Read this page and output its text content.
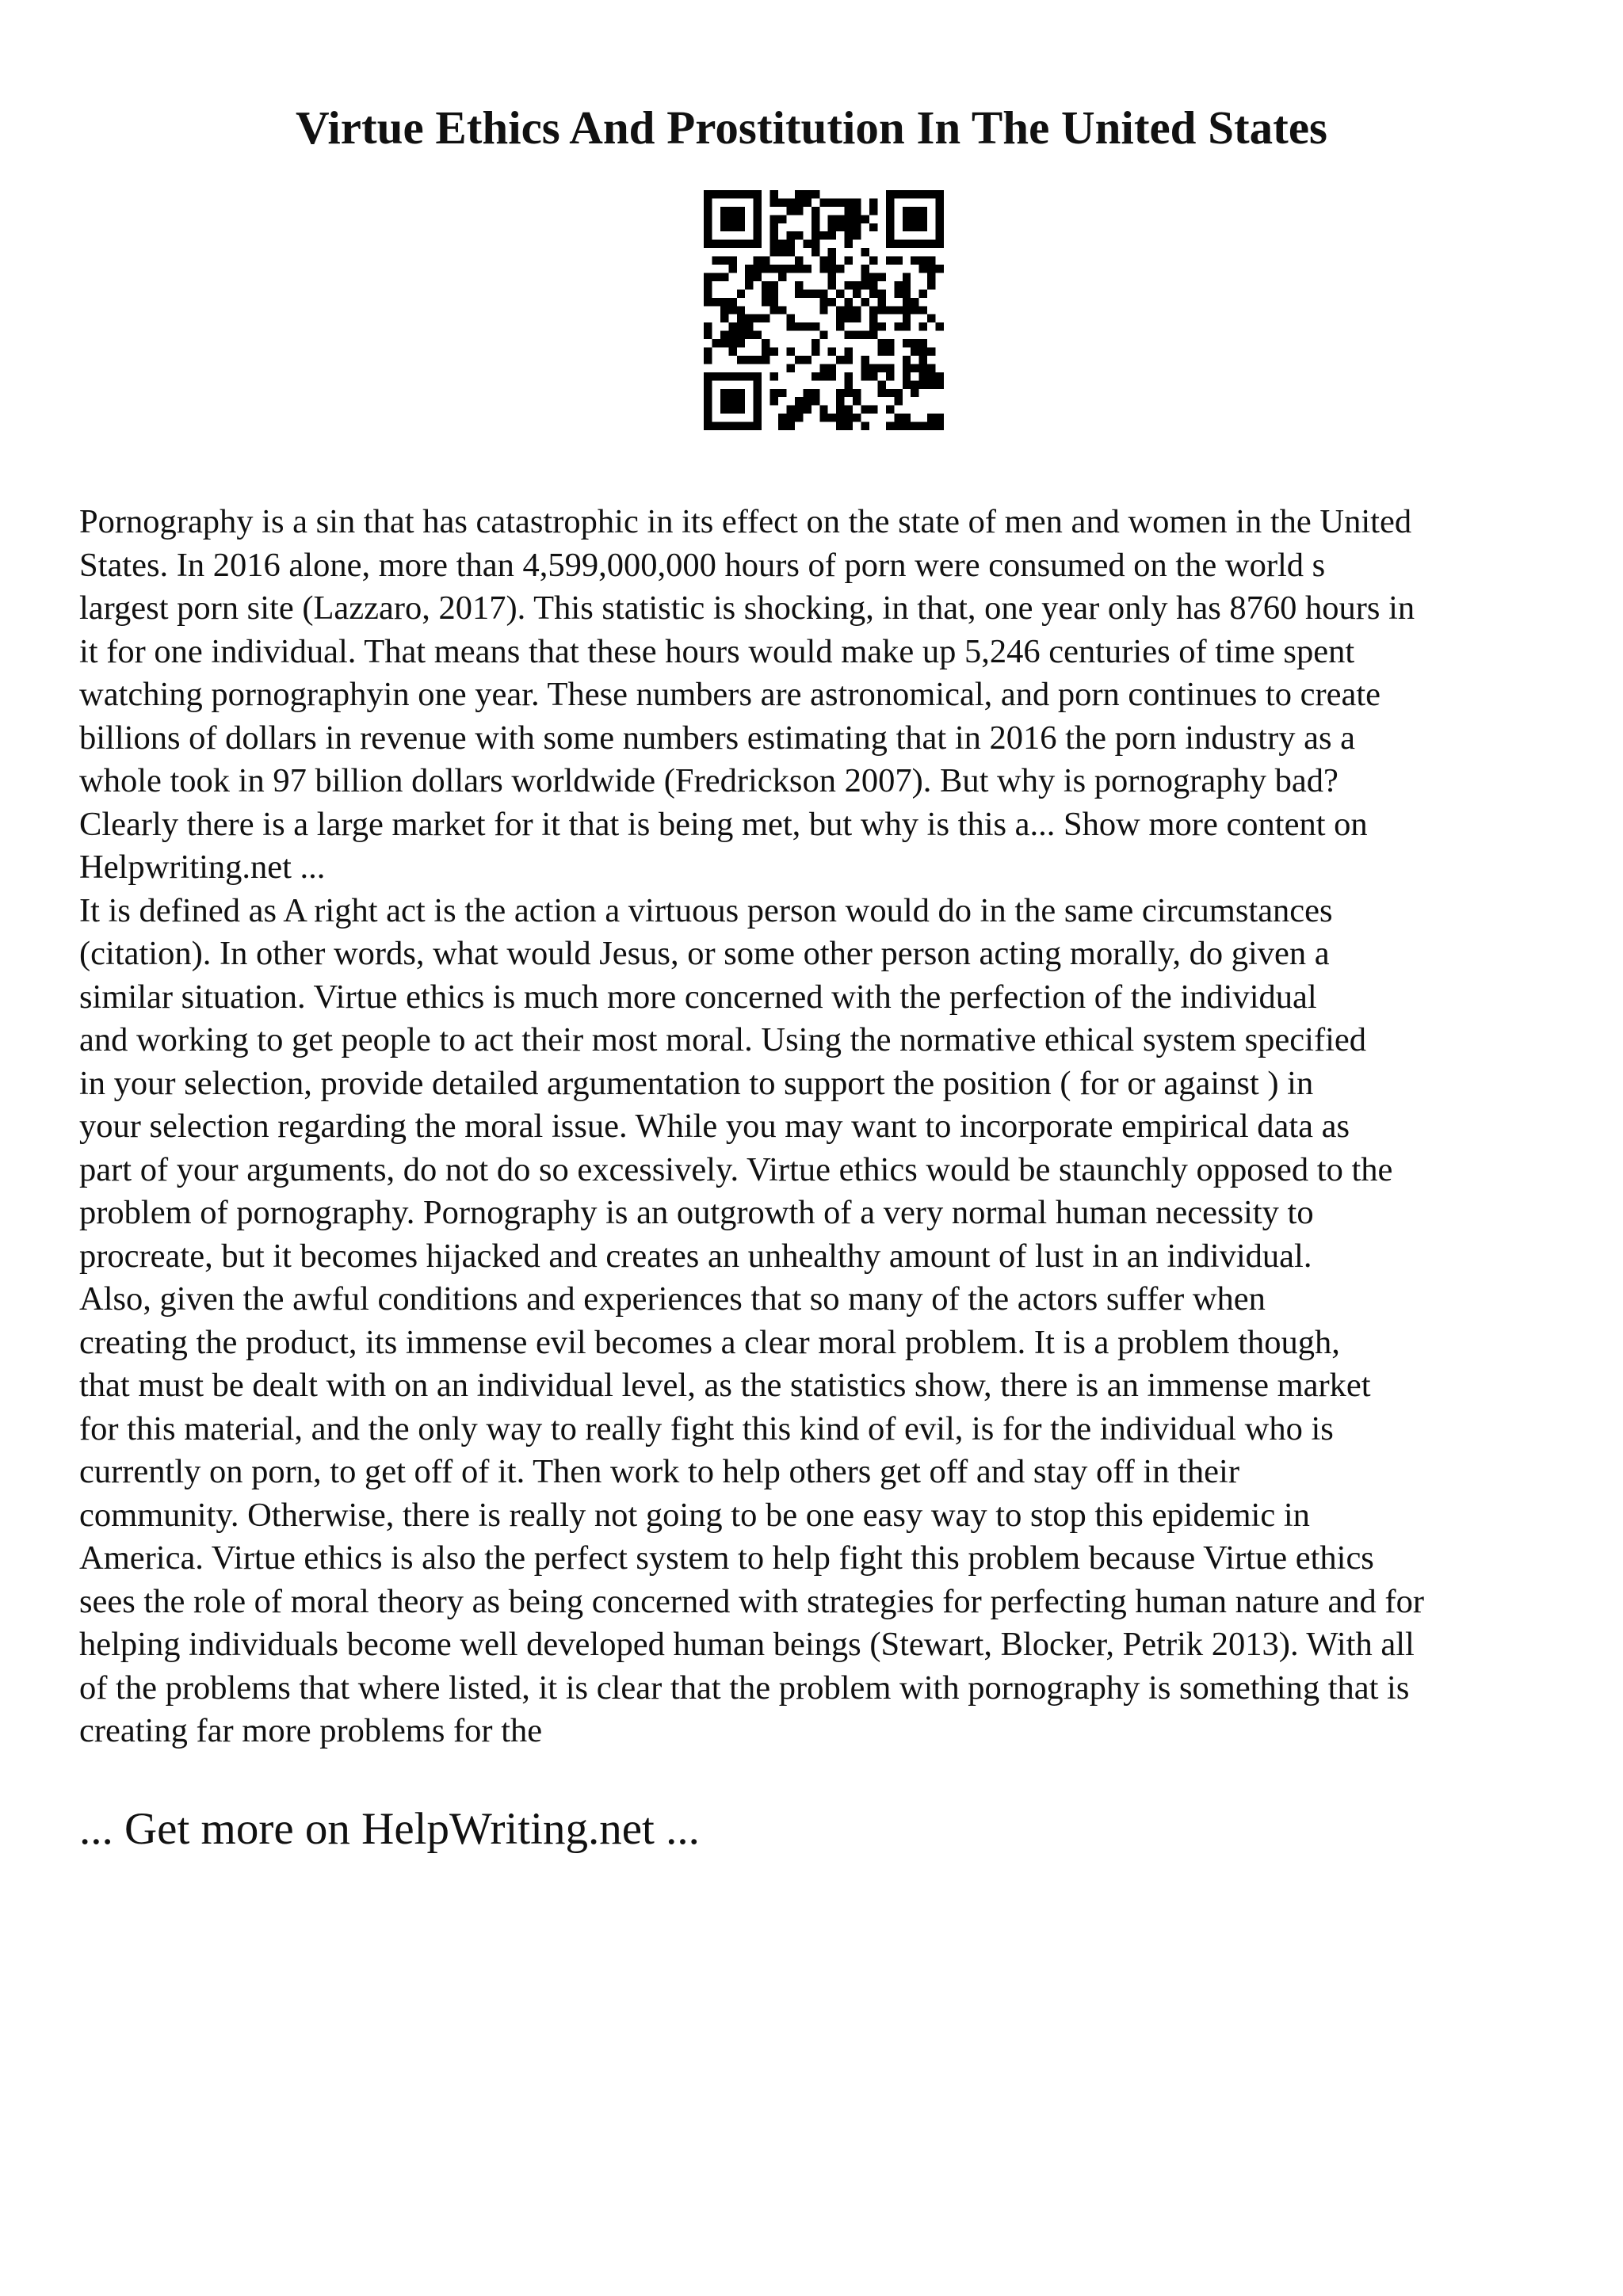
Virtue Ethics And Prostitution In The United States
Pornography is a sin that has catastrophic in its effect on the state of men and women in the United
States. In 2016 alone, more than 4,599,000,000 hours of porn were consumed on the world s
largest porn site (Lazzaro, 2017). This statistic is shocking, in that, one year only has 8760 hours in
it for one individual. That means that these hours would make up 5,246 centuries of time spent
watching pornographyin one year. These numbers are astronomical, and porn continues to create
billions of dollars in revenue with some numbers estimating that in 2016 the porn industry as a
whole took in 97 billion dollars worldwide (Fredrickson 2007). But why is pornography bad?
Clearly there is a large market for it that is being met, but why is this a... Show more content on
Helpwriting.net ...
It is defined as A right act is the action a virtuous person would do in the same circumstances
(citation). In other words, what would Jesus, or some other person acting morally, do given a
similar situation. Virtue ethics is much more concerned with the perfection of the individual
and working to get people to act their most moral. Using the normative ethical system specified
in your selection, provide detailed argumentation to support the position ( for or against ) in
your selection regarding the moral issue. While you may want to incorporate empirical data as
part of your arguments, do not do so excessively. Virtue ethics would be staunchly opposed to the
problem of pornography. Pornography is an outgrowth of a very normal human necessity to
procreate, but it becomes hijacked and creates an unhealthy amount of lust in an individual.
Also, given the awful conditions and experiences that so many of the actors suffer when
creating the product, its immense evil becomes a clear moral problem. It is a problem though,
that must be dealt with on an individual level, as the statistics show, there is an immense market
for this material, and the only way to really fight this kind of evil, is for the individual who is
currently on porn, to get off of it. Then work to help others get off and stay off in their
community. Otherwise, there is really not going to be one easy way to stop this epidemic in
America. Virtue ethics is also the perfect system to help fight this problem because Virtue ethics
sees the role of moral theory as being concerned with strategies for perfecting human nature and for
helping individuals become well developed human beings (Stewart, Blocker, Petrik 2013). With all
of the problems that where listed, it is clear that the problem with pornography is something that is
creating far more problems for the
... Get more on HelpWriting.net ...
